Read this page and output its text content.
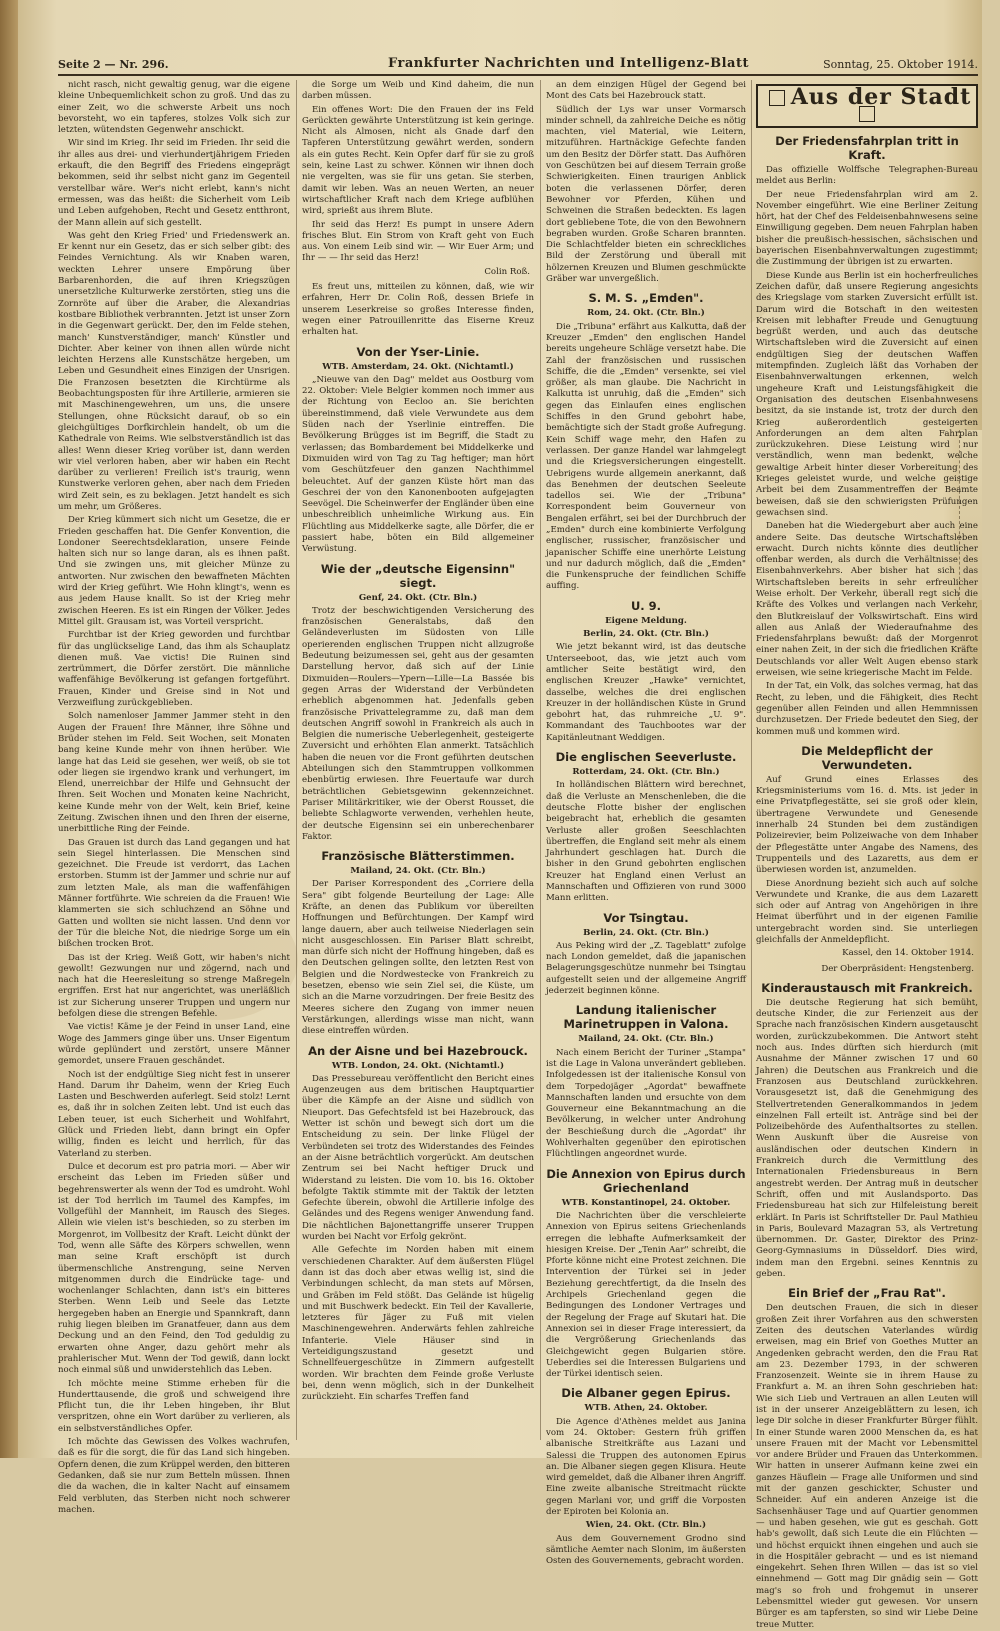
Seite 2 — Nr. 296.	Frankfurter Nachrichten und Intelligenz-Blatt	Sonntag, 25. Oktober 1914.

nicht rasch, nicht gewaltig genug, war die eigene kleine Unbequemlichkeit schon zu groß. Und das zu einer Zeit, wo die schwerste Arbeit uns noch bevorsteht, wo ein tapferes, stolzes Volk sich zur letzten, wütendsten Gegenwehr anschickt.

Wir sind im Krieg. Ihr seid im Frieden. Ihr seid die ihr alles aus drei- und vierhundertjährigem Frieden erkauft, die den Begriff des Friedens eingeprägt bekommen, seid ihr selbst nicht ganz im Gegenteil verstellbar wäre. Wer's nicht erlebt, kann's nicht ermessen, was das heißt: die Sicherheit vom Leib und Leben aufgehoben, Recht und Gesetz entthront, der Mann allein auf sich gestellt.

Was geht den Krieg Fried' und Friedenswerk an. Er kennt nur ein Gesetz, das er sich selber gibt: des Feindes Vernichtung. Als wir Knaben waren, weckten Lehrer unsere Empörung über Barbarenhorden, die auf ihren Kriegszügen unersetzliche Kulturwerke zerstörten, stieg uns die Zornröte auf über die Araber, die Alexandrias kostbare Bibliothek verbrannten. Jetzt ist unser Zorn in die Gegenwart gerückt. Der, den im Felde stehen, manch' Kunstverständiger, manch' Künstler und Dichter. Aber keiner von ihnen allen würde nicht leichten Herzens alle Kunstschätze hergeben, um Leben und Gesundheit eines Einzigen der Unsrigen. Die Franzosen besetzten die Kirchtürme als Beobachtungsposten für ihre Artillerie, armieren sie mit Maschinengewehren, um uns, die unsere Stellungen, ohne Rücksicht darauf, ob so ein gleichgültiges Dorfkirchlein handelt, ob um die Kathedrale von Reims. Wie selbstverständlich ist das alles! Wenn dieser Krieg vorüber ist, dann werden wir viel verloren haben, aber wir haben ein Recht darüber zu verlieren! Freilich ist's traurig, wenn Kunstwerke verloren gehen, aber nach dem Frieden wird Zeit sein, es zu beklagen. Jetzt handelt es sich um mehr, um Größeres.

Der Krieg kümmert sich nicht um Gesetze, die er Frieden geschaffen hat. Die Genfer Konvention, die Londoner Seerechtsdeklaration, unsere Feinde halten sich nur so lange daran, als es ihnen paßt. Und sie zwingen uns, mit gleicher Münze zu antworten. Nur zwischen den bewaffneten Mächten wird der Krieg geführt. Wie Hohn klingt's, wenn es aus jedem Hause knallt. So ist der Krieg mehr zwischen Heeren. Es ist ein Ringen der Völker. Jedes Mittel gilt. Grausam ist, was Vorteil verspricht.

Furchtbar ist der Krieg geworden und furchtbar für das unglückselige Land, das ihm als Schauplatz dienen muß. Vae victis! Die Ruinen sind zertrümmert, die Dörfer zerstört. Die männliche waffenfähige Bevölkerung ist gefangen fortgeführt. Frauen, Kinder und Greise sind in Not und Verzweiflung zurückgeblieben.

Solch namenloser Jammer Jammer steht in den Augen der Frauen! Ihre Männer, ihre Söhne und Brüder stehen im Feld. Seit Wochen, seit Monaten bang keine Kunde mehr von ihnen herüber. Wie lange hat das Leid sie gesehen, wer weiß, ob sie tot oder liegen sie irgendwo krank und verhungert, im Elend, unerreichbar der Hilfe und Gehnsucht der Ihren. Seit Wochen und Monaten keine Nachricht, keine Kunde mehr von der Welt, kein Brief, keine Zeitung. Zwischen ihnen und den Ihren der eiserne, unerbittliche Ring der Feinde.

Das Grauen ist durch das Land gegangen und hat sein Siegel hinterlassen. Die Menschen sind gezeichnet. Die Freude ist verdorrt, das Lachen erstorben. Stumm ist der Jammer und schrie nur auf zum letzten Male, als man die waffenfähigen Männer fortführte. Wie schreien da die Frauen! Wie klammerten sie sich schluchzend an Söhne und Gatten und wollten sie nicht lassen. Und denn vor der Tür die bleiche Not, die niedrige Sorge um ein bißchen trocken Brot.

Das ist der Krieg. Weiß Gott, wir haben's nicht gewollt! Gezwungen nur und zögernd, nach und nach hat die Heeresleitung so strenge Maßregeln ergriffen. Erst hat nur angerichtet, was unerläßlich ist zur Sicherung unserer Truppen und ungern nur befolgen diese die strengen Befehle.

Vae victis! Käme je der Feind in unser Land, eine Woge des Jammers ginge über uns. Unser Eigentum würde geplündert und zerstört, unsere Männer gemordet, unsere Frauen geschändet.

Noch ist der endgültige Sieg nicht fest in unserer Hand. Darum ihr Daheim, wenn der Krieg Euch Lasten und Beschwerden auferlegt. Seid stolz! Lernt es, daß ihr in solchen Zeiten lebt. Und ist euch das Leben teuer, ist euch Sicherheit und Wohlfahrt, Glück und Frieden liebt, dann bringt ein Opfer willig, finden es leicht und herrlich, für das Vaterland zu sterben.

Dulce et decorum est pro patria mori. — Aber wir erscheint das Leben im Frieden süßer und begehrenswerter als wenn der Tod es umdroht. Wohl ist der Tod herrlich im Taumel des Kampfes, im Vollgefühl der Mannheit, im Rausch des Sieges. Allein wie vielen ist's beschieden, so zu sterben im Morgenrot, im Vollbesitz der Kraft. Leicht dünkt der Tod, wenn alle Säfte des Körpers schwellen, wenn man seine Kraft erschöpft ist durch übermenschliche Anstrengung, seine Nerven mitgenommen durch die Eindrücke tage- und wochenlanger Schlachten, dann ist's ein bitteres Sterben. Wenn Leib und Seele das Letzte hergegeben haben an Energie und Spannkraft, dann ruhig liegen bleiben im Granatfeuer, dann aus dem Deckung und an den Feind, den Tod geduldig zu erwarten ohne Anger, dazu gehört mehr als prahlerischer Mut. Wenn der Tod gewiß, dann lockt noch einmal süß und unwiderstehlich das Leben.

Ich möchte meine Stimme erheben für die Hunderttausende, die groß und schweigend ihre Pflicht tun, die ihr Leben hingeben, ihr Blut verspritzen, ohne ein Wort darüber zu verlieren, als ein selbstverständliches Opfer.

Ich möchte das Gewissen des Volkes wachrufen, daß es für die sorgt, die für das Land sich hingeben. Opfern denen, die zum Krüppel werden, den bitteren Gedanken, daß sie nur zum Betteln müssen. Ihnen die da wachen, die in kalter Nacht auf einsamem Feld verbluten, das Sterben nicht noch schwerer machen.

die Sorge um Weib und Kind daheim, die nun darben müssen.

Ein offenes Wort: Die den Frauen der ins Feld Gerückten gewährte Unterstützung ist kein geringe. Nicht als Almosen, nicht als Gnade darf den Tapferen Unterstützung gewährt werden, sondern als ein gutes Recht. Kein Opfer darf für sie zu groß sein, keine Last zu schwer. Können wir ihnen doch nie vergelten, was sie für uns getan. Sie sterben, damit wir leben. Was an neuen Werten, an neuer wirtschaftlicher Kraft nach dem Kriege aufblühen wird, sprießt aus ihrem Blute.

Ihr seid das Herz! Es pumpt in unsere Adern frisches Blut. Ein Strom von Kraft geht von Euch aus. Von einem Leib sind wir. — Wir Euer Arm; und Ihr — — Ihr seid das Herz!

Colin Roß.

Es freut uns, mitteilen zu können, daß, wie wir erfahren, Herr Dr. Colin Roß, dessen Briefe in unserem Leserkreise so großes Interesse finden, wegen einer Patrouillenritte das Eiserne Kreuz erhalten hat.

Von der Yser-Linie.
WTB. Amsterdam, 24. Okt. (Nichtamtl.)

„Nieuwe van den Dag" meldet aus Oostburg vom 22. Oktober: Viele Belgier kommen noch immer aus der Richtung von Eecloo an. Sie berichten übereinstimmend, daß viele Verwundete aus dem Süden nach der Yserlinie eintreffen. Die Bevölkerung Brügges ist im Begriff, die Stadt zu verlassen; das Bombardement bei Middelkerke und Dixmuiden wird von Tag zu Tag heftiger; man hört vom Geschützfeuer den ganzen Nachthimmel beleuchtet. Auf der ganzen Küste hört man das Geschrei der von den Kanonenbooten aufgejagten Seevögel. Die Scheinwerfer der Engländer üben eine unbeschreiblich unheimliche Wirkung aus. Ein Flüchtling aus Middelkerke sagte, alle Dörfer, die er passiert habe, böten ein Bild allgemeiner Verwüstung.

Wie der „deutsche Eigensinn" siegt.
Genf, 24. Okt. (Ctr. Bln.)

Trotz der beschwichtigenden Versicherung des französischen Generalstabs, daß den Geländeverlusten im Südosten von Lille operierenden englischen Truppen nicht allzugroße Bedeutung beizumessen sei, geht aus der gesamten Darstellung hervor, daß sich auf der Linie Dixmuiden—Roulers—Ypern—Lille—La Bassée bis gegen Arras der Widerstand der Verbündeten erheblich abgenommen hat. Jedenfalls geben französische Privattelegramme zu, daß man dem deutschen Angriff sowohl in Frankreich als auch in Belgien die numerische Ueberlegenheit, gesteigerte Zuversicht und erhöhten Elan anmerkt. Tatsächlich haben die neuen vor die Front geführten deutschen Abteilungen sich den Stammtruppen vollkommen ebenbürtig erwiesen. Ihre Feuertaufe war durch beträchtlichen Gebietsgewinn gekennzeichnet. Pariser Militärkritiker, wie der Oberst Rousset, die beliebte Schlagworte verwenden, verhehlen heute, der deutsche Eigensinn sei ein unberechenbarer Faktor.

Französische Blätterstimmen.
Mailand, 24. Okt. (Ctr. Bln.)

Der Pariser Korrespondent des „Corriere della Sera" gibt folgende Beurteilung der Lage: Alle Kräfte, an denen das Publikum vor übereilten Hoffnungen und Befürchtungen. Der Kampf wird lange dauern, aber auch teilweise Niederlagen sein nicht ausgeschlossen. Ein Pariser Blatt schreibt, man dürfe sich nicht der Hoffnung hingeben, daß es den Deutschen gelingen sollte, den letzten Rest von Belgien und die Nordwestecke von Frankreich zu besetzen, ebenso wie sein Ziel sei, die Küste, um sich an die Marne vorzudringen. Der freie Besitz des Meeres sichere den Zugang von immer neuen Verstärkungen, allerdings wisse man nicht, wann diese eintreffen würden.

An der Aisne und bei Hazebrouck.
WTB. London, 24. Okt. (Nichtamtl.)

Das Pressebureau veröffentlicht den Bericht eines Augenzeugen aus dem britischen Hauptquartier über die Kämpfe an der Aisne und südlich von Nieuport. Das Gefechtsfeld ist bei Hazebrouck, das Wetter ist schön und bewegt sich dort um die Entscheidung zu sein. Der linke Flügel der Verbündeten sei trotz des Widerstandes des Feindes an der Aisne beträchtlich vorgerückt. Am deutschen Zentrum sei bei Nacht heftiger Druck und Widerstand zu leisten. Die vom 10. bis 16. Oktober befolgte Taktik stimmte mit der Taktik der letzten Gefechte überein, obwohl die Artillerie infolge des Geländes und des Regens weniger Anwendung fand. Die nächtlichen Bajonettangriffe unserer Truppen wurden bei Nacht vor Erfolg gekrönt.

Alle Gefechte im Norden haben mit einem verschiedenen Charakter. Auf dem äußersten Flügel dann ist das doch aber etwas wellig ist, sind die Verbindungen schlecht, da man stets auf Mörsen, und Gräben im Feld stößt. Das Gelände ist hügelig und mit Buschwerk bedeckt. Ein Teil der Kavallerie, letzteres für Jäger zu Fuß mit vielen Maschinengewehren. Anderwärts fehlen zahlreiche Infanterie. Viele Häuser sind in Verteidigungszustand gesetzt und Schnellfeuergeschütze in Zimmern aufgestellt worden. Wir brachten dem Feinde große Verluste bei, denn wenn möglich, sich in der Dunkelheit zurückzieht. Ein scharfes Treffen fand

an dem einzigen Hügel der Gegend bei Mont des Cats bei Hazebrouck statt.

Südlich der Lys war unser Vormarsch minder schnell, da zahlreiche Deiche es nötig machten, viel Material, wie Leitern, mitzuführen. Hartnäckige Gefechte fanden um den Besitz der Dörfer statt. Das Aufhören von Geschützen bei auf diesem Terrain große Schwierigkeiten. Einen traurigen Anblick boten die verlassenen Dörfer, deren Bewohner vor Pferden, Kühen und Schweinen die Straßen bedeckten. Es lagen dort gebliebene Tote, die von den Bewohnern begraben wurden. Große Scharen brannten. Die Schlachtfelder bieten ein schreckliches Bild der Zerstörung und überall mit hölzernen Kreuzen und Blumen geschmückte Gräber war unvergeßlich.

S. M. S. „Emden".
Rom, 24. Okt. (Ctr. Bln.)

Die „Tribuna" erfährt aus Kalkutta, daß der Kreuzer „Emden" den englischen Handel bereits ungeheure Schläge versetzt habe. Die Zahl der französischen und russischen Schiffe, die die „Emden" versenkte, sei viel größer, als man glaube. Die Nachricht in Kalkutta ist unruhig, daß die „Emden" sich gegen das Einlaufen eines englischen Schiffes in den Grund gebohrt habe, bemächtigte sich der Stadt große Aufregung. Kein Schiff wage mehr, den Hafen zu verlassen. Der ganze Handel war lahmgelegt und die Kriegsversicherungen eingestellt. Uebrigens wurde allgemein anerkannt, daß das Benehmen der deutschen Seeleute tadellos sei. Wie der „Tribuna" Korrespondent beim Gouverneur von Bengalen erfährt, sei bei der Durchbruch der „Emden" durch eine kombinierte Verfolgung englischer, russischer, französischer und japanischer Schiffe eine unerhörte Leistung und nur dadurch möglich, daß die „Emden" die Funkenspruche der feindlichen Schiffe auffing.

U. 9.
Eigene Meldung.
Berlin, 24. Okt. (Ctr. Bln.)

Wie jetzt bekannt wird, ist das deutsche Unterseeboot, das, wie jetzt auch vom amtlicher Seite bestätigt wird, den englischen Kreuzer „Hawke" vernichtet, dasselbe, welches die drei englischen Kreuzer in der holländischen Küste in Grund gebohrt hat, das ruhmreiche „U. 9". Kommandant des Tauchbootes war der Kapitänleutnant Weddigen.

Die englischen Seeverluste.
Rotterdam, 24. Okt. (Ctr. Bln.)

In holländischen Blättern wird berechnet, daß die Verluste an Menschenleben, die die deutsche Flotte bisher der englischen beigebracht hat, erheblich die gesamten Verluste aller großen Seeschlachten übertreffen, die England seit mehr als einem Jahrhundert geschlagen hat. Durch die bisher in den Grund gebohrten englischen Kreuzer hat England einen Verlust an Mannschaften und Offizieren von rund 3000 Mann erlitten.

Vor Tsingtau.
Berlin, 24. Okt. (Ctr. Bln.)

Aus Peking wird der „Z. Tageblatt" zufolge nach London gemeldet, daß die japanischen Belagerungsgeschütze nunmehr bei Tsingtau aufgestellt seien und der allgemeine Angriff jederzeit beginnen könne.

Landung italienischer Marinetruppen in Valona.
Mailand, 24. Okt. (Ctr. Bln.)

Nach einem Bericht der Turiner „Stampa" ist die Lage in Valona unverändert geblieben. Infolgedessen ist der italienische Konsul von dem Torpedojäger „Agordat" bewaffnete Mannschaften landen und ersuchte von dem Gouverneur eine Bekanntmachung an die Bevölkerung, in welcher unter Androhung der Beschießung durch die „Agordat" ihr Wohlverhalten gegenüber den epirotischen Flüchtlingen angeordnet wurde.

Die Annexion von Epirus durch Griechenland
WTB. Konstantinopel, 24. Oktober.

Die Nachrichten über die verschleierte Annexion von Epirus seitens Griechenlands erregen die lebhafte Aufmerksamkeit der hiesigen Kreise. Der „Tenin Aar" schreibt, die Pforte könne nicht eine Protest zeichnen. Die Intervention der Türkei sei in jeder Beziehung gerechtfertigt, da die Inseln des Archipels Griechenland gegen die Bedingungen des Londoner Vertrages und der Regelung der Frage auf Skutari hat. Die Annexion sei in dieser Frage interessiert, da die Vergrößerung Griechenlands das Gleichgewicht gegen Bulgarien störe. Ueberdies sei die Interessen Bulgariens und der Türkei identisch seien.

Die Albaner gegen Epirus.
WTB. Athen, 24. Oktober.

Die Agence d'Athènes meldet aus Janina vom 24. Oktober: Gestern früh griffen albanische Streitkräfte aus Lazani und Salessi die Truppen des autonomen Epirus an. Die Albaner siegen gegen Klisura. Heute wird gemeldet, daß die Albaner ihren Angriff. Eine zweite albanische Streitmacht rückte gegen Marlani vor, und griff die Vorposten der Epiroten bei Kolonia an.

Wien, 24. Okt. (Ctr. Bln.)

Aus dem Gouvernement Grodno sind sämtliche Aemter nach Slonim, im äußersten Osten des Gouvernements, gebracht worden.

Aus der Stadt
Der Friedensfahrplan tritt in Kraft.

Das offizielle Wolffsche Telegraphen-Bureau meldet aus Berlin:

Der neue Friedensfahrplan wird am 2. November eingeführt. Wie eine Berliner Zeitung hört, hat der Chef des Feldeisenbahnwesens seine Einwilligung gegeben. Dem neuen Fahrplan haben bisher die preußisch-hessischen, sächsischen und bayerischen Eisenbahnverwaltungen zugestimmt; die Zustimmung der übrigen ist zu erwarten.

Diese Kunde aus Berlin ist ein hocherfreuliches Zeichen dafür, daß unsere Regierung angesichts des Kriegslage vom starken Zuversicht erfüllt ist. Darum wird die Botschaft in den weitesten Kreisen mit lebhafter Freude und Genugtuung begrüßt werden, und auch das deutsche Wirtschaftsleben wird die Zuversicht auf einen endgültigen Sieg der deutschen Waffen mitempfinden. Zugleich läßt das Vorhaben der Eisenbahnverwaltungen erkennen, welch ungeheure Kraft und Leistungsfähigkeit die Organisation des deutschen Eisenbahnwesens besitzt, da sie instande ist, trotz der durch den Krieg außerordentlich gesteigerten Anforderungen an dem alten Fahrplan zurückzukehren. Diese Leistung wird nur verständlich, wenn man bedenkt, welche gewaltige Arbeit hinter dieser Vorbereitung des Krieges geleistet wurde, und welche geistige Arbeit bei dem Zusammentreffen der Beamte beweisen, daß sie den schwierigsten Prüfungen gewachsen sind.

Daneben hat die Wiedergeburt aber auch eine andere Seite. Das deutsche Wirtschaftsleben erwacht. Durch nichts könnte dies deutlicher offenbar werden, als durch die Verhältnisse des Eisenbahnverkehrs. Aber bisher hat sich das Wirtschaftsleben bereits in sehr erfreulicher Weise erholt. Der Verkehr, überall regt sich die Kräfte des Volkes und verlangen nach Verkehr, den Blutkreislauf der Volkswirtschaft. Eins wird allen aus Anlaß der Wiederaufnahme des Friedensfahrplans bewußt: daß der Morgenrot einer nahen Zeit, in der sich die friedlichen Kräfte Deutschlands vor aller Welt Augen ebenso stark erweisen, wie seine kriegerische Macht im Felde.

In der Tat, ein Volk, das solches vermag, hat das Recht, zu leben, und die Fähigkeit, dies Recht gegenüber allen Feinden und allen Hemmnissen durchzusetzen. Der Friede bedeutet den Sieg, der kommen muß und kommen wird.

Die Meldepflicht der Verwundeten.

Auf Grund eines Erlasses des Kriegsministeriums vom 16. d. Mts. ist jeder in eine Privatpflegestätte, sei sie groß oder klein, übertragene Verwundete und Genesende innerhalb 24 Stunden bei dem zuständigen Polizeirevier, beim Polizeiwache von dem Inhaber der Pflegestätte unter Angabe des Namens, des Truppenteils und des Lazaretts, aus dem er überwiesen worden ist, anzumelden.

Diese Anordnung bezieht sich auch auf solche Verwundete und Kranke, die aus dem Lazarett sich oder auf Antrag von Angehörigen in ihre Heimat überführt und in der eigenen Familie untergebracht worden sind. Sie unterliegen gleichfalls der Anmeldepflicht.

Kassel, den 14. Oktober 1914.
Der Oberpräsident: Hengstenberg.
Kinderaustausch mit Frankreich.

Die deutsche Regierung hat sich bemüht, deutsche Kinder, die zur Ferienzeit aus der Sprache nach französischen Kindern ausgetauscht worden, zurückzubekommen. Die Antwort steht noch aus. Indes dürften sich hierdurch (mit Ausnahme der Männer zwischen 17 und 60 Jahren) die Deutschen aus Frankreich und die Franzosen aus Deutschland zurückkehren. Vorausgesetzt ist, daß die Genehmigung des Stellvertretenden Generalkommandos in jedem einzelnen Fall erteilt ist. Anträge sind bei der Polizeibehörde des Aufenthaltsortes zu stellen. Wenn Auskunft über die Ausreise von ausländischen oder deutschen Kindern in Frankreich durch die Vermittlung des Internationalen Friedensbureaus in Bern angestrebt werden. Der Antrag muß in deutscher Schrift, offen und mit Auslandsporto. Das Friedensbureau hat sich zur Hilfeleistung bereit erklärt. In Paris ist Schriftsteller Dr. Paul Mathieu in Paris, Boulevard Mazagran 53, als Vertretung übernommen. Dr. Gaster, Direktor des Prinz-Georg-Gymnasiums in Düsseldorf. Dies wird, indem man den Ergebni. seines Kenntnis zu geben.

Ein Brief der „Frau Rat".

Den deutschen Frauen, die sich in dieser großen Zeit ihrer Vorfahren aus den schwersten Zeiten des deutschen Vaterlandes würdig erweisen, mag ein Brief von Goethes Mutter an Angedenken gebracht werden, den die Frau Rat am 23. Dezember 1793, in der schweren Franzosenzeit. Weinte sie in ihrem Hause zu Frankfurt a. M. an ihren Sohn geschrieben hat: Wie sich Lieb und Vertrauen an allen Leuten will ist in der unserer Anzeigeblättern zu lesen, ich lege Dir solche in dieser Frankfurter Bürger fühlt. In einer Stunde waren 2000 Menschen da, es hat unsere Frauen mit der Macht vor Lebensmittel vor andere Brüder und Frauen das Unterkommen. Wir hatten in unserer Aufmann keine zwei ein ganzes Häuflein — Frage alle Uniformen und sind mit der ganzen geschickter, Schuster und Schneider. Auf ein anderen Anzeige ist die Sachsenhäuser Tage und auf Quartier genommen — und haben gesehen, wie gut es geschah. Gott hab's gewollt, daß sich Leute die ein Flüchten — und höchst erquickt ihnen eingehen und auch sie in die Hospitäler gebracht — und es ist niemand eingekehrt. Sehen Ihren Willen — das ist so viel einnehmend — Gott mag Dir gnädig sein — Gott mag's so froh und frohgemut in unserer Lebensmittel wieder gut gewesen. Vor unsern Bürger es am tapfersten, so sind wir Liebe Deine treue Mutter.
